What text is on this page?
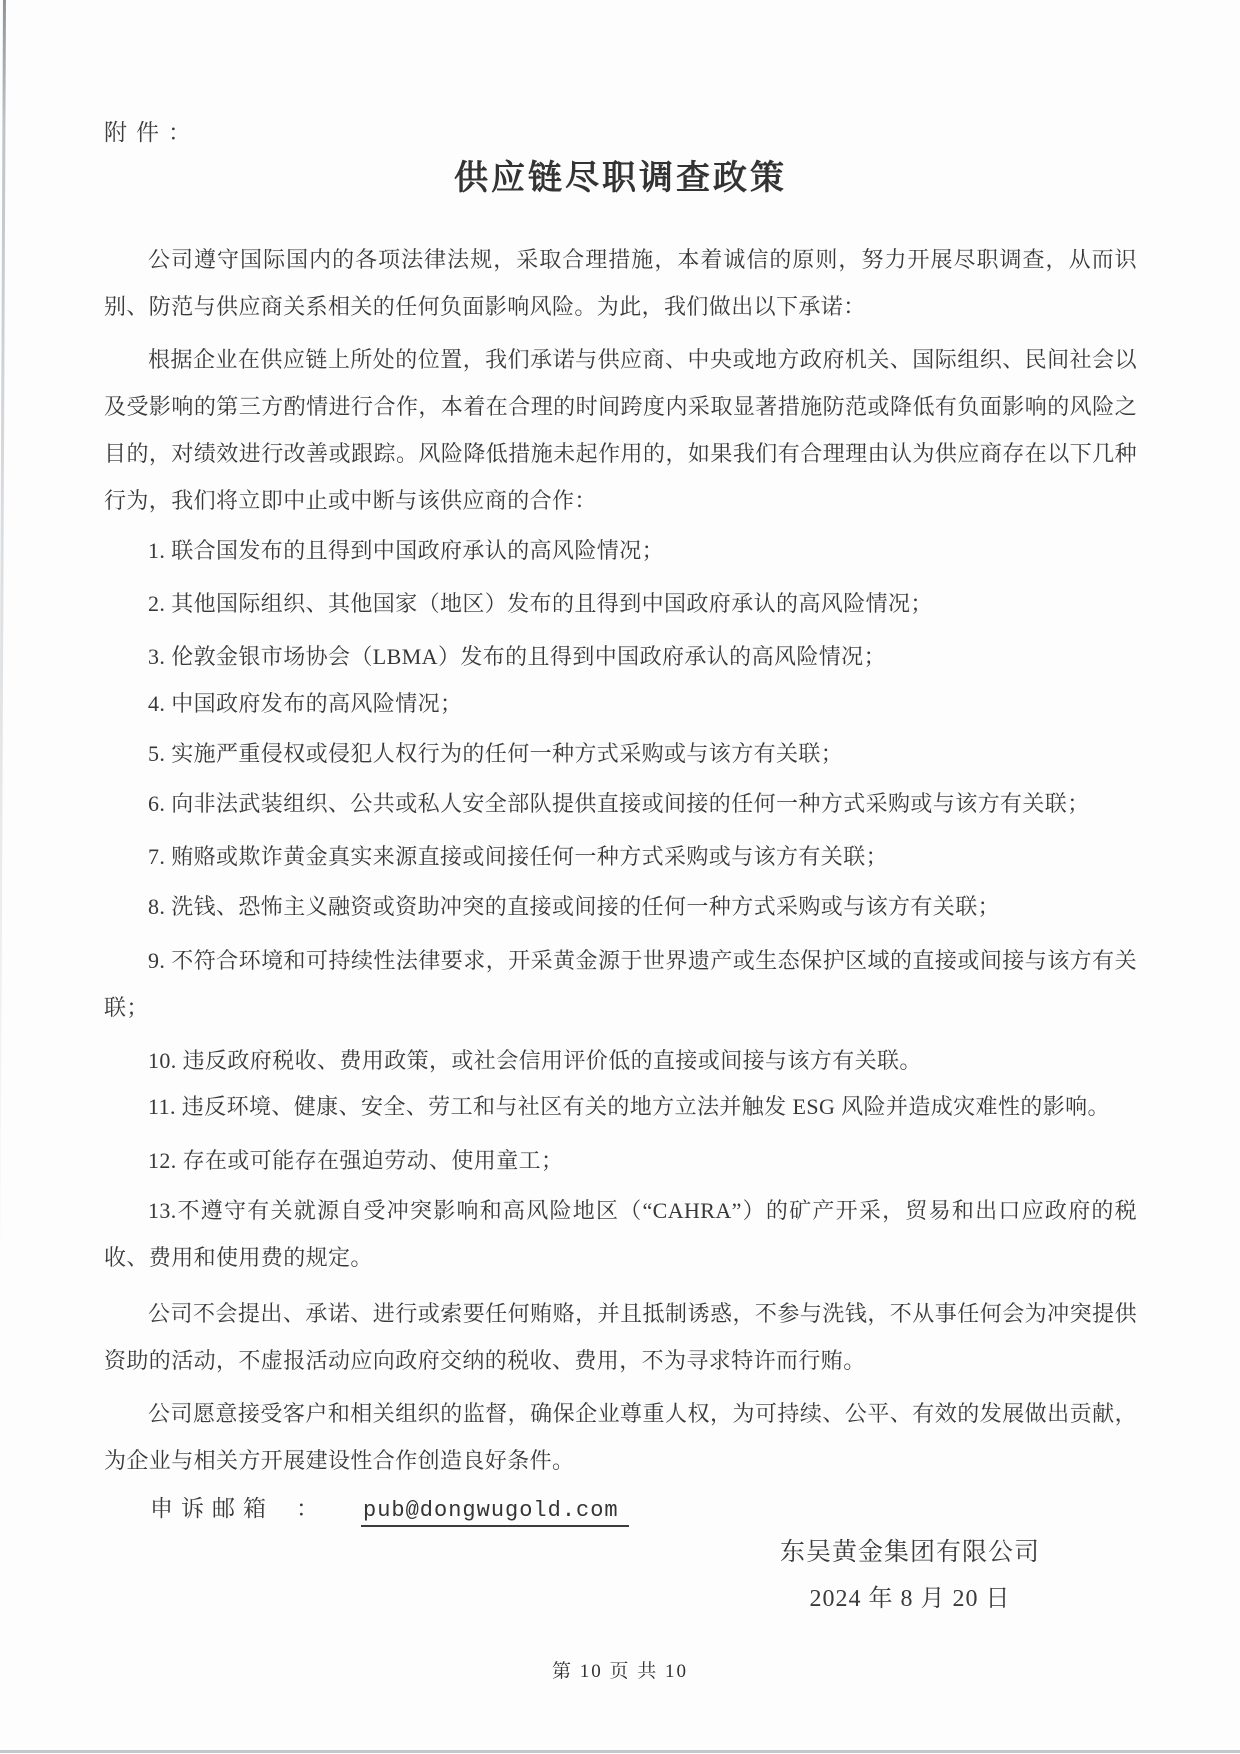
附件：
供应链尽职调查政策
公司遵守国际国内的各项法律法规，采取合理措施，本着诚信的原则，努力开展尽职调查，从而识别、防范与供应商关系相关的任何负面影响风险。为此，我们做出以下承诺：
根据企业在供应链上所处的位置，我们承诺与供应商、中央或地方政府机关、国际组织、民间社会以及受影响的第三方酌情进行合作，本着在合理的时间跨度内采取显著措施防范或降低有负面影响的风险之目的，对绩效进行改善或跟踪。风险降低措施未起作用的，如果我们有合理理由认为供应商存在以下几种行为，我们将立即中止或中断与该供应商的合作：
1. 联合国发布的且得到中国政府承认的高风险情况；
2. 其他国际组织、其他国家（地区）发布的且得到中国政府承认的高风险情况；
3. 伦敦金银市场协会（LBMA）发布的且得到中国政府承认的高风险情况；
4. 中国政府发布的高风险情况；
5. 实施严重侵权或侵犯人权行为的任何一种方式采购或与该方有关联；
6. 向非法武装组织、公共或私人安全部队提供直接或间接的任何一种方式采购或与该方有关联；
7. 贿赂或欺诈黄金真实来源直接或间接任何一种方式采购或与该方有关联；
8. 洗钱、恐怖主义融资或资助冲突的直接或间接的任何一种方式采购或与该方有关联；
9. 不符合环境和可持续性法律要求，开采黄金源于世界遗产或生态保护区域的直接或间接与该方有关联；
10. 违反政府税收、费用政策，或社会信用评价低的直接或间接与该方有关联。
11. 违反环境、健康、安全、劳工和与社区有关的地方立法并触发 ESG 风险并造成灾难性的影响。
12. 存在或可能存在强迫劳动、使用童工；
13.不遵守有关就源自受冲突影响和高风险地区（“CAHRA”）的矿产开采，贸易和出口应政府的税收、费用和使用费的规定。
公司不会提出、承诺、进行或索要任何贿赂，并且抵制诱惑，不参与洗钱，不从事任何会为冲突提供资助的活动，不虚报活动应向政府交纳的税收、费用，不为寻求特许而行贿。
公司愿意接受客户和相关组织的监督，确保企业尊重人权，为可持续、公平、有效的发展做出贡献，为企业与相关方开展建设性合作创造良好条件。
申诉邮箱 ： pub@dongwugold.com
东吴黄金集团有限公司
2024 年 8 月 20 日
第 10 页 共 10
